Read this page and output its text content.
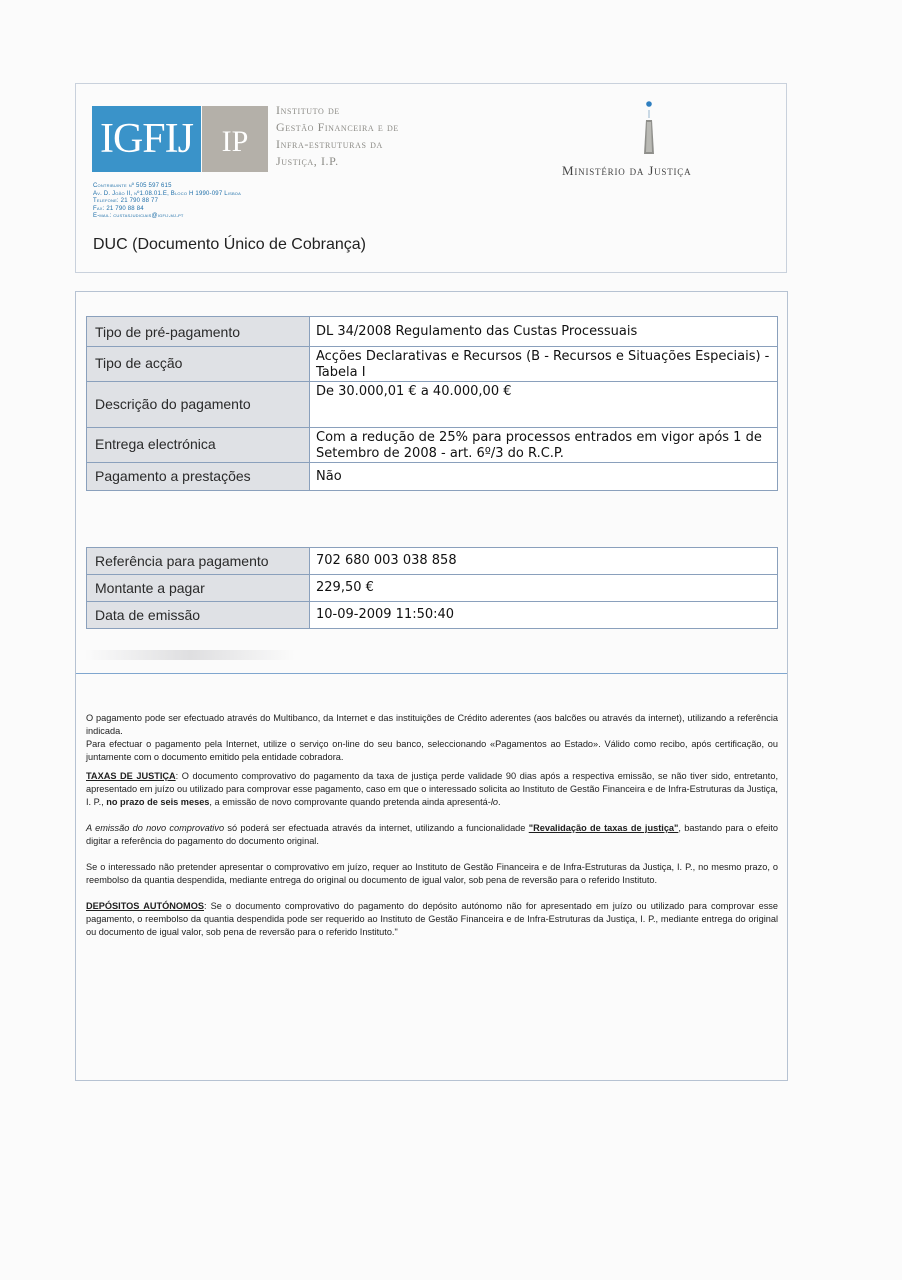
IGFIJ IP
Instituto de
Gestão Financeira e de
Infra-estruturas da
Justiça, I.P.
Contribuinte nº 505 597 615
Av. D. João II, nº1.08.01.E, Bloco H 1990-097 Lisboa
Telefone: 21 790 88 77
Fax: 21 790 88 84
E-mail: custasjudiciais@igfij.mj.pt
DUC (Documento Único de Cobrança)
Ministério da Justiça
Tipo de pré-pagamento	DL 34/2008 Regulamento das Custas Processuais
Tipo de acção	Acções Declarativas e Recursos (B - Recursos e Situações Especiais) - Tabela I
Descrição do pagamento	De 30.000,01 € a 40.000,00 €
Entrega electrónica	Com a redução de 25% para processos entrados em vigor após 1 de Setembro de 2008 - art. 6º/3 do R.C.P.
Pagamento a prestações	Não
Referência para pagamento	702 680 003 038 858
Montante a pagar	229,50 €
Data de emissão	10-09-2009 11:50:40

O pagamento pode ser efectuado através do Multibanco, da Internet e das instituições de Crédito aderentes (aos balcões ou através da internet), utilizando a referência indicada.

Para efectuar o pagamento pela Internet, utilize o serviço on-line do seu banco, seleccionando «Pagamentos ao Estado». Válido como recibo, após certificação, ou juntamente com o documento emitido pela entidade cobradora.

TAXAS DE JUSTIÇA: O documento comprovativo do pagamento da taxa de justiça perde validade 90 dias após a respectiva emissão, se não tiver sido, entretanto, apresentado em juízo ou utilizado para comprovar esse pagamento, caso em que o interessado solicita ao Instituto de Gestão Financeira e de Infra-Estruturas da Justiça, I. P., no prazo de seis meses, a emissão de novo comprovante quando pretenda ainda apresentá-lo.

A emissão do novo comprovativo só poderá ser efectuada através da internet, utilizando a funcionalidade "Revalidação de taxas de justiça", bastando para o efeito digitar a referência do pagamento do documento original.

Se o interessado não pretender apresentar o comprovativo em juízo, requer ao Instituto de Gestão Financeira e de Infra-Estruturas da Justiça, I. P., no mesmo prazo, o reembolso da quantia despendida, mediante entrega do original ou documento de igual valor, sob pena de reversão para o referido Instituto.

DEPÓSITOS AUTÓNOMOS: Se o documento comprovativo do pagamento do depósito autónomo não for apresentado em juízo ou utilizado para comprovar esse pagamento, o reembolso da quantia despendida pode ser requerido ao Instituto de Gestão Financeira e de Infra-Estruturas da Justiça, I. P., mediante entrega do original ou documento de igual valor, sob pena de reversão para o referido Instituto."
